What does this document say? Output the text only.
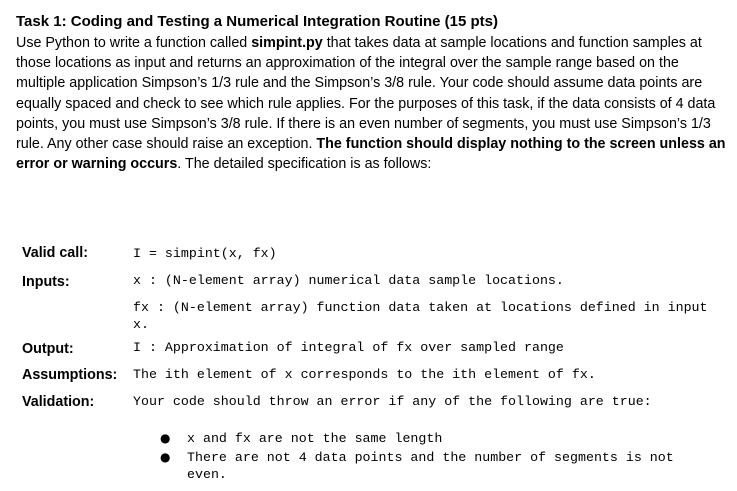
Task 1: Coding and Testing a Numerical Integration Routine (15 pts)
Use Python to write a function called simpint.py that takes data at sample locations and function samples at those locations as input and returns an approximation of the integral over the sample range based on the multiple application Simpson’s 1/3 rule and the Simpson’s 3/8 rule. Your code should assume data points are equally spaced and check to see which rule applies. For the purposes of this task, if the data consists of 4 data points, you must use Simpson’s 3/8 rule. If there is an even number of segments, you must use Simpson’s 1/3 rule. Any other case should raise an exception. The function should display nothing to the screen unless an error or warning occurs. The detailed specification is as follows:
Valid call:	I = simpint(x, fx)
Inputs:	x : (N-element array) numerical data sample locations.
fx : (N-element array) function data taken at locations defined in input x.
Output:	I : Approximation of integral of fx over sampled range
Assumptions: The ith element of x corresponds to the ith element of fx.
Validation:	Your code should throw an error if any of the following are true:
● x and fx are not the same length
● There are not 4 data points and the number of segments is not even.
